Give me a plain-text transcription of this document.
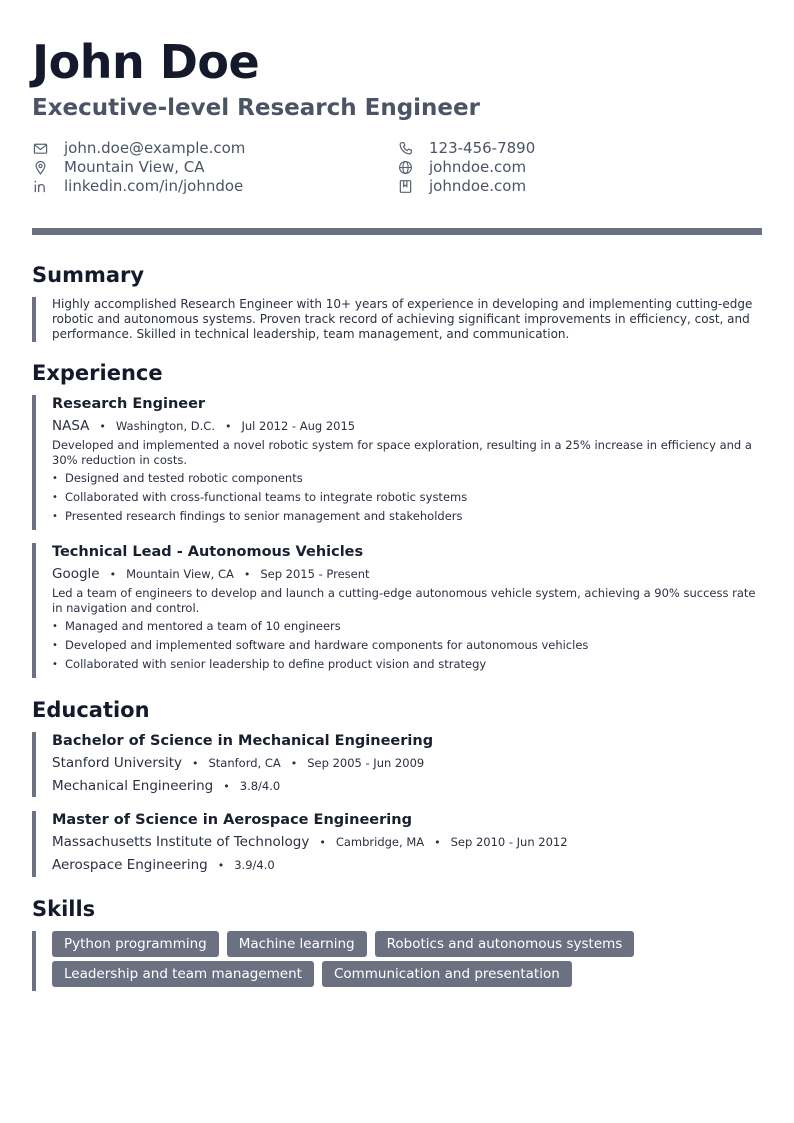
John Doe
Executive-level Research Engineer
john.doe@example.com
Mountain View, CA
linkedin.com/in/johndoe
123-456-7890
johndoe.com
johndoe.com
Summary
Highly accomplished Research Engineer with 10+ years of experience in developing and implementing cutting-edge robotic and autonomous systems. Proven track record of achieving significant improvements in efficiency, cost, and performance. Skilled in technical leadership, team management, and communication.
Experience
Research Engineer
NASA • Washington, D.C. • Jul 2012 - Aug 2015
Developed and implemented a novel robotic system for space exploration, resulting in a 25% increase in efficiency and a 30% reduction in costs.
• Designed and tested robotic components
• Collaborated with cross-functional teams to integrate robotic systems
• Presented research findings to senior management and stakeholders
Technical Lead - Autonomous Vehicles
Google • Mountain View, CA • Sep 2015 - Present
Led a team of engineers to develop and launch a cutting-edge autonomous vehicle system, achieving a 90% success rate in navigation and control.
• Managed and mentored a team of 10 engineers
• Developed and implemented software and hardware components for autonomous vehicles
• Collaborated with senior leadership to define product vision and strategy
Education
Bachelor of Science in Mechanical Engineering
Stanford University • Stanford, CA • Sep 2005 - Jun 2009
Mechanical Engineering • 3.8/4.0
Master of Science in Aerospace Engineering
Massachusetts Institute of Technology • Cambridge, MA • Sep 2010 - Jun 2012
Aerospace Engineering • 3.9/4.0
Skills
Python programming	Machine learning	Robotics and autonomous systems
Leadership and team management	Communication and presentation
